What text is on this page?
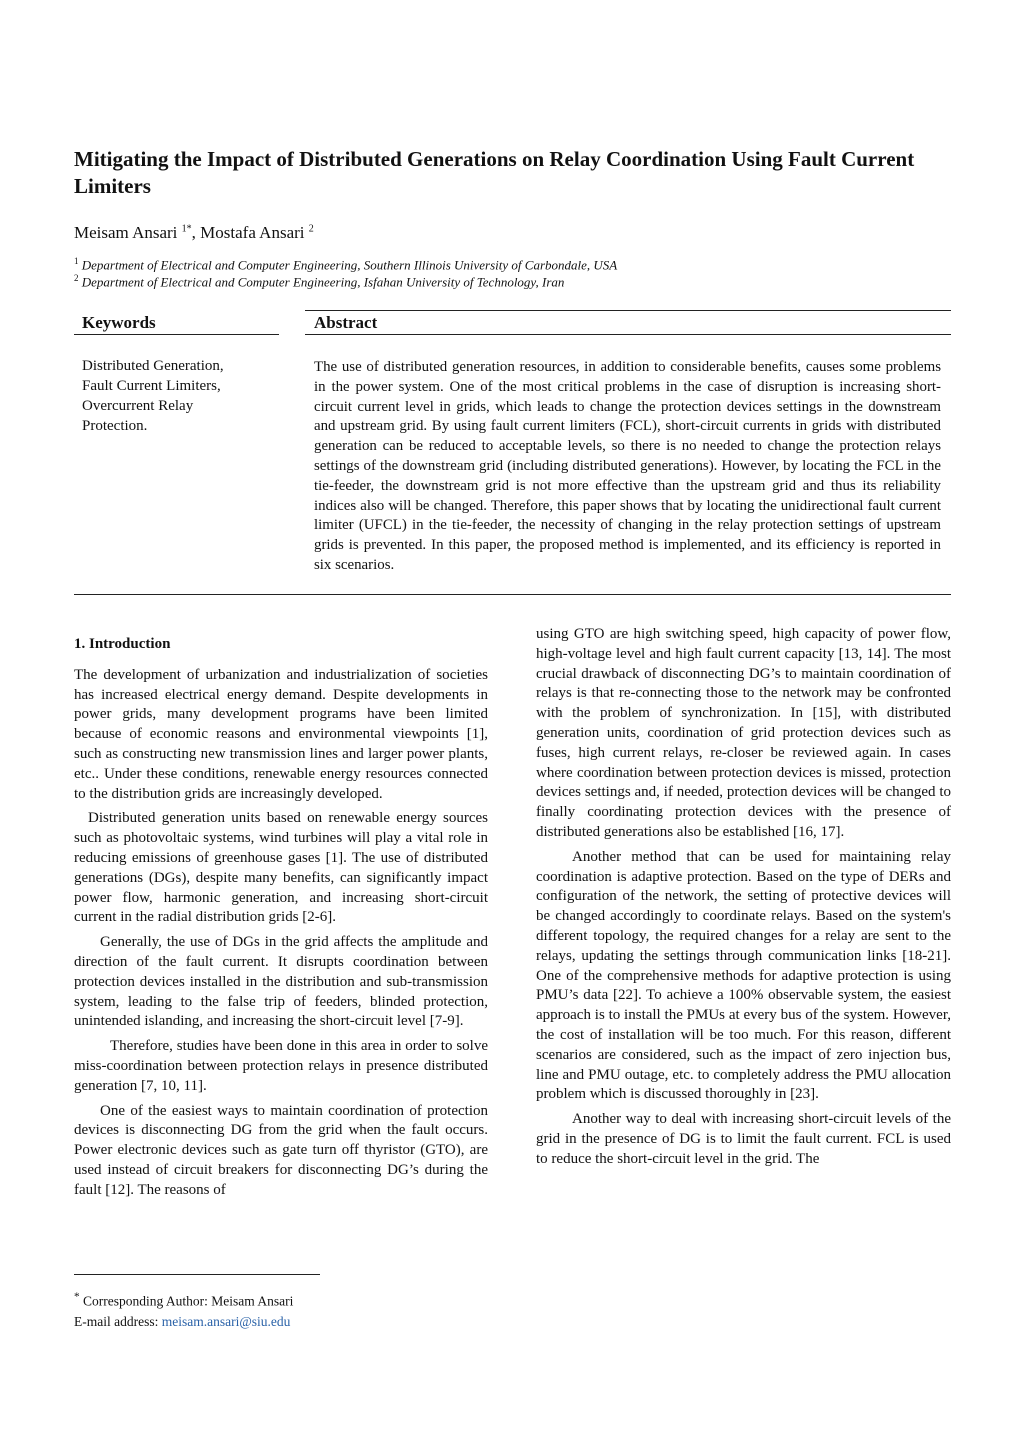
Mitigating the Impact of Distributed Generations on Relay Coordination Using Fault Current Limiters
Meisam Ansari $^{1*}$, Mostafa Ansari $^2$
$^1$ Department of Electrical and Computer Engineering, Southern Illinois University of Carbondale, USA
$^2$ Department of Electrical and Computer Engineering, Isfahan University of Technology, Iran
Keywords	Abstract
Distributed Generation,
Fault Current Limiters,
Overcurrent Relay
Protection.

The use of distributed generation resources, in addition to considerable benefits, causes some problems in the power system. One of the most critical problems in the case of disruption is increasing short-circuit current level in grids, which leads to change the protection devices settings in the downstream and upstream grid. By using fault current limiters (FCL), short-circuit currents in grids with distributed generation can be reduced to acceptable levels, so there is no needed to change the protection relays settings of the downstream grid (including distributed generations). However, by locating the FCL in the tie-feeder, the downstream grid is not more effective than the upstream grid and thus its reliability indices also will be changed. Therefore, this paper shows that by locating the unidirectional fault current limiter (UFCL) in the tie-feeder, the necessity of changing in the relay protection settings of upstream grids is prevented. In this paper, the proposed method is implemented, and its efficiency is reported in six scenarios.

1. Introduction

The development of urbanization and industrialization of societies has increased electrical energy demand. Despite developments in power grids, many development programs have been limited because of economic reasons and environmental viewpoints [1], such as constructing new transmission lines and larger power plants, etc.. Under these conditions, renewable energy resources connected to the distribution grids are increasingly developed.

Distributed generation units based on renewable energy sources such as photovoltaic systems, wind turbines will play a vital role in reducing emissions of greenhouse gases [1]. The use of distributed generations (DGs), despite many benefits, can significantly impact power flow, harmonic generation, and increasing short-circuit current in the radial distribution grids [2-6].

Generally, the use of DGs in the grid affects the amplitude and direction of the fault current. It disrupts coordination between protection devices installed in the distribution and sub-transmission system, leading to the false trip of feeders, blinded protection, unintended islanding, and increasing the short-circuit level [7-9].

Therefore, studies have been done in this area in order to solve miss-coordination between protection relays in presence distributed generation [7, 10, 11].

One of the easiest ways to maintain coordination of protection devices is disconnecting DG from the grid when the fault occurs. Power electronic devices such as gate turn off thyristor (GTO), are used instead of circuit breakers for disconnecting DG’s during the fault [12]. The reasons of

using GTO are high switching speed, high capacity of power flow, high-voltage level and high fault current capacity [13, 14]. The most crucial drawback of disconnecting DG’s to maintain coordination of relays is that re-connecting those to the network may be confronted with the problem of synchronization. In [15], with distributed generation units, coordination of grid protection devices such as fuses, high current relays, re-closer be reviewed again. In cases where coordination between protection devices is missed, protection devices settings and, if needed, protection devices will be changed to finally coordinating protection devices with the presence of distributed generations also be established [16, 17].

Another method that can be used for maintaining relay coordination is adaptive protection. Based on the type of DERs and configuration of the network, the setting of protective devices will be changed accordingly to coordinate relays. Based on the system's different topology, the required changes for a relay are sent to the relays, updating the settings through communication links [18-21]. One of the comprehensive methods for adaptive protection is using PMU’s data [22]. To achieve a 100% observable system, the easiest approach is to install the PMUs at every bus of the system. However, the cost of installation will be too much. For this reason, different scenarios are considered, such as the impact of zero injection bus, line and PMU outage, etc. to completely address the PMU allocation problem which is discussed thoroughly in [23].

Another way to deal with increasing short-circuit levels of the grid in the presence of DG is to limit the fault current. FCL is used to reduce the short-circuit level in the grid. The

* Corresponding Author: Meisam Ansari
E-mail address: meisam.ansari@siu.edu
